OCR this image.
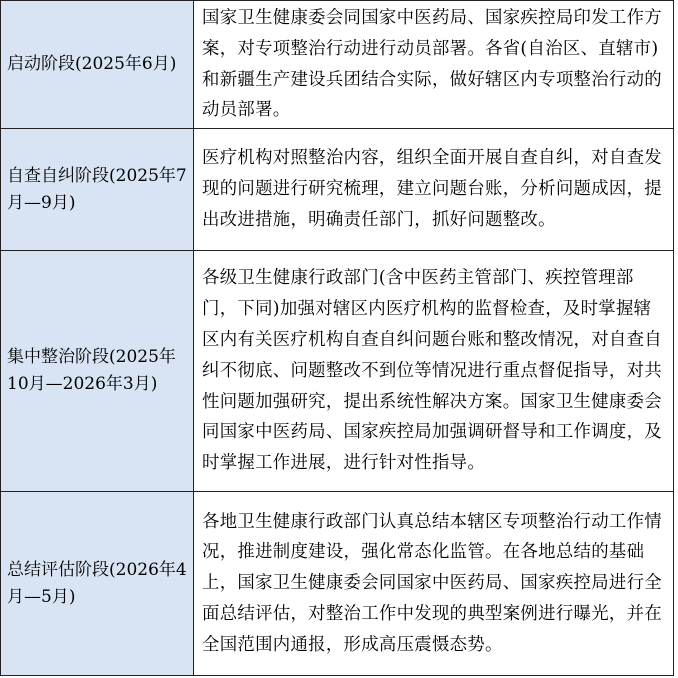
启动阶段(2025年6月)	国家卫生健康委会同国家中医药局、国家疾控局印发工作方案，对专项整治行动进行动员部署。各省(自治区、直辖市)和新疆生产建设兵团结合实际，做好辖区内专项整治行动的动员部署。
自查自纠阶段(2025年7月—9月)	医疗机构对照整治内容，组织全面开展自查自纠，对自查发现的问题进行研究梳理，建立问题台账，分析问题成因，提出改进措施，明确责任部门，抓好问题整改。
集中整治阶段(2025年10月—2026年3月)	各级卫生健康行政部门(含中医药主管部门、疾控管理部门，下同)加强对辖区内医疗机构的监督检查，及时掌握辖区内有关医疗机构自查自纠问题台账和整改情况，对自查自纠不彻底、问题整改不到位等情况进行重点督促指导，对共性问题加强研究，提出系统性解决方案。国家卫生健康委会同国家中医药局、国家疾控局加强调研督导和工作调度，及时掌握工作进展，进行针对性指导。
总结评估阶段(2026年4月—5月)	各地卫生健康行政部门认真总结本辖区专项整治行动工作情况，推进制度建设，强化常态化监管。在各地总结的基础上，国家卫生健康委会同国家中医药局、国家疾控局进行全面总结评估，对整治工作中发现的典型案例进行曝光，并在全国范围内通报，形成高压震慑态势。
